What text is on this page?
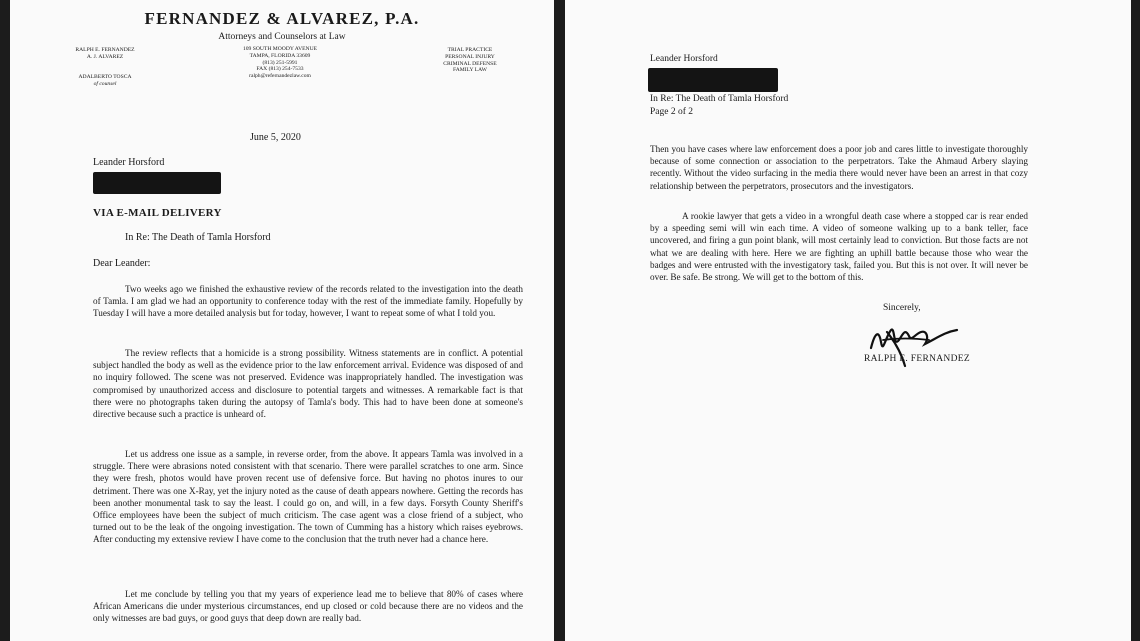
FERNANDEZ & ALVAREZ, P.A.
Attorneys and Counselors at Law
RALPH E. FERNANDEZ
A. J. ALVAREZ
ADALBERTO TOSCA
of counsel
109 SOUTH MOODY AVENUE
TAMPA, FLORIDA 33609
(813) 251-5991
FAX (813) 254-7533
ralph@refernandezlaw.com
TRIAL PRACTICE
PERSONAL INJURY
CRIMINAL DEFENSE
FAMILY LAW
June 5, 2020
Leander Horsford
VIA E-MAIL DELIVERY
In Re: The Death of Tamla Horsford
Dear Leander:
Two weeks ago we finished the exhaustive review of the records related to the investigation into the death of Tamla. I am glad we had an opportunity to conference today with the rest of the immediate family. Hopefully by Tuesday I will have a more detailed analysis but for today, however, I want to repeat some of what I told you.
The review reflects that a homicide is a strong possibility. Witness statements are in conflict. A potential subject handled the body as well as the evidence prior to the law enforcement arrival. Evidence was disposed of and no inquiry followed. The scene was not preserved. Evidence was inappropriately handled. The investigation was compromised by unauthorized access and disclosure to potential targets and witnesses. A remarkable fact is that there were no photographs taken during the autopsy of Tamla's body. This had to have been done at someone's directive because such a practice is unheard of.
Let us address one issue as a sample, in reverse order, from the above. It appears Tamla was involved in a struggle. There were abrasions noted consistent with that scenario. There were parallel scratches to one arm. Since they were fresh, photos would have proven recent use of defensive force. But having no photos inures to our detriment. There was one X-Ray, yet the injury noted as the cause of death appears nowhere. Getting the records has been another monumental task to say the least. I could go on, and will, in a few days. Forsyth County Sheriff's Office employees have been the subject of much criticism. The case agent was a close friend of a subject, who turned out to be the leak of the ongoing investigation. The town of Cumming has a history which raises eyebrows. After conducting my extensive review I have come to the conclusion that the truth never had a chance here.
Let me conclude by telling you that my years of experience lead me to believe that 80% of cases where African Americans die under mysterious circumstances, end up closed or cold because there are no videos and the only witnesses are bad guys, or good guys that deep down are really bad.
Leander Horsford
In Re: The Death of Tamla Horsford
Page 2 of 2
Then you have cases where law enforcement does a poor job and cares little to investigate thoroughly because of some connection or association to the perpetrators. Take the Ahmaud Arbery slaying recently. Without the video surfacing in the media there would never have been an arrest in that cozy relationship between the perpetrators, prosecutors and the investigators.
A rookie lawyer that gets a video in a wrongful death case where a stopped car is rear ended by a speeding semi will win each time. A video of someone walking up to a bank teller, face uncovered, and firing a gun point blank, will most certainly lead to conviction. But those facts are not what we are dealing with here. Here we are fighting an uphill battle because those who wear the badges and were entrusted with the investigatory task, failed you. But this is not over. It will never be over. Be safe. Be strong. We will get to the bottom of this.
Sincerely,
RALPH E. FERNANDEZ
